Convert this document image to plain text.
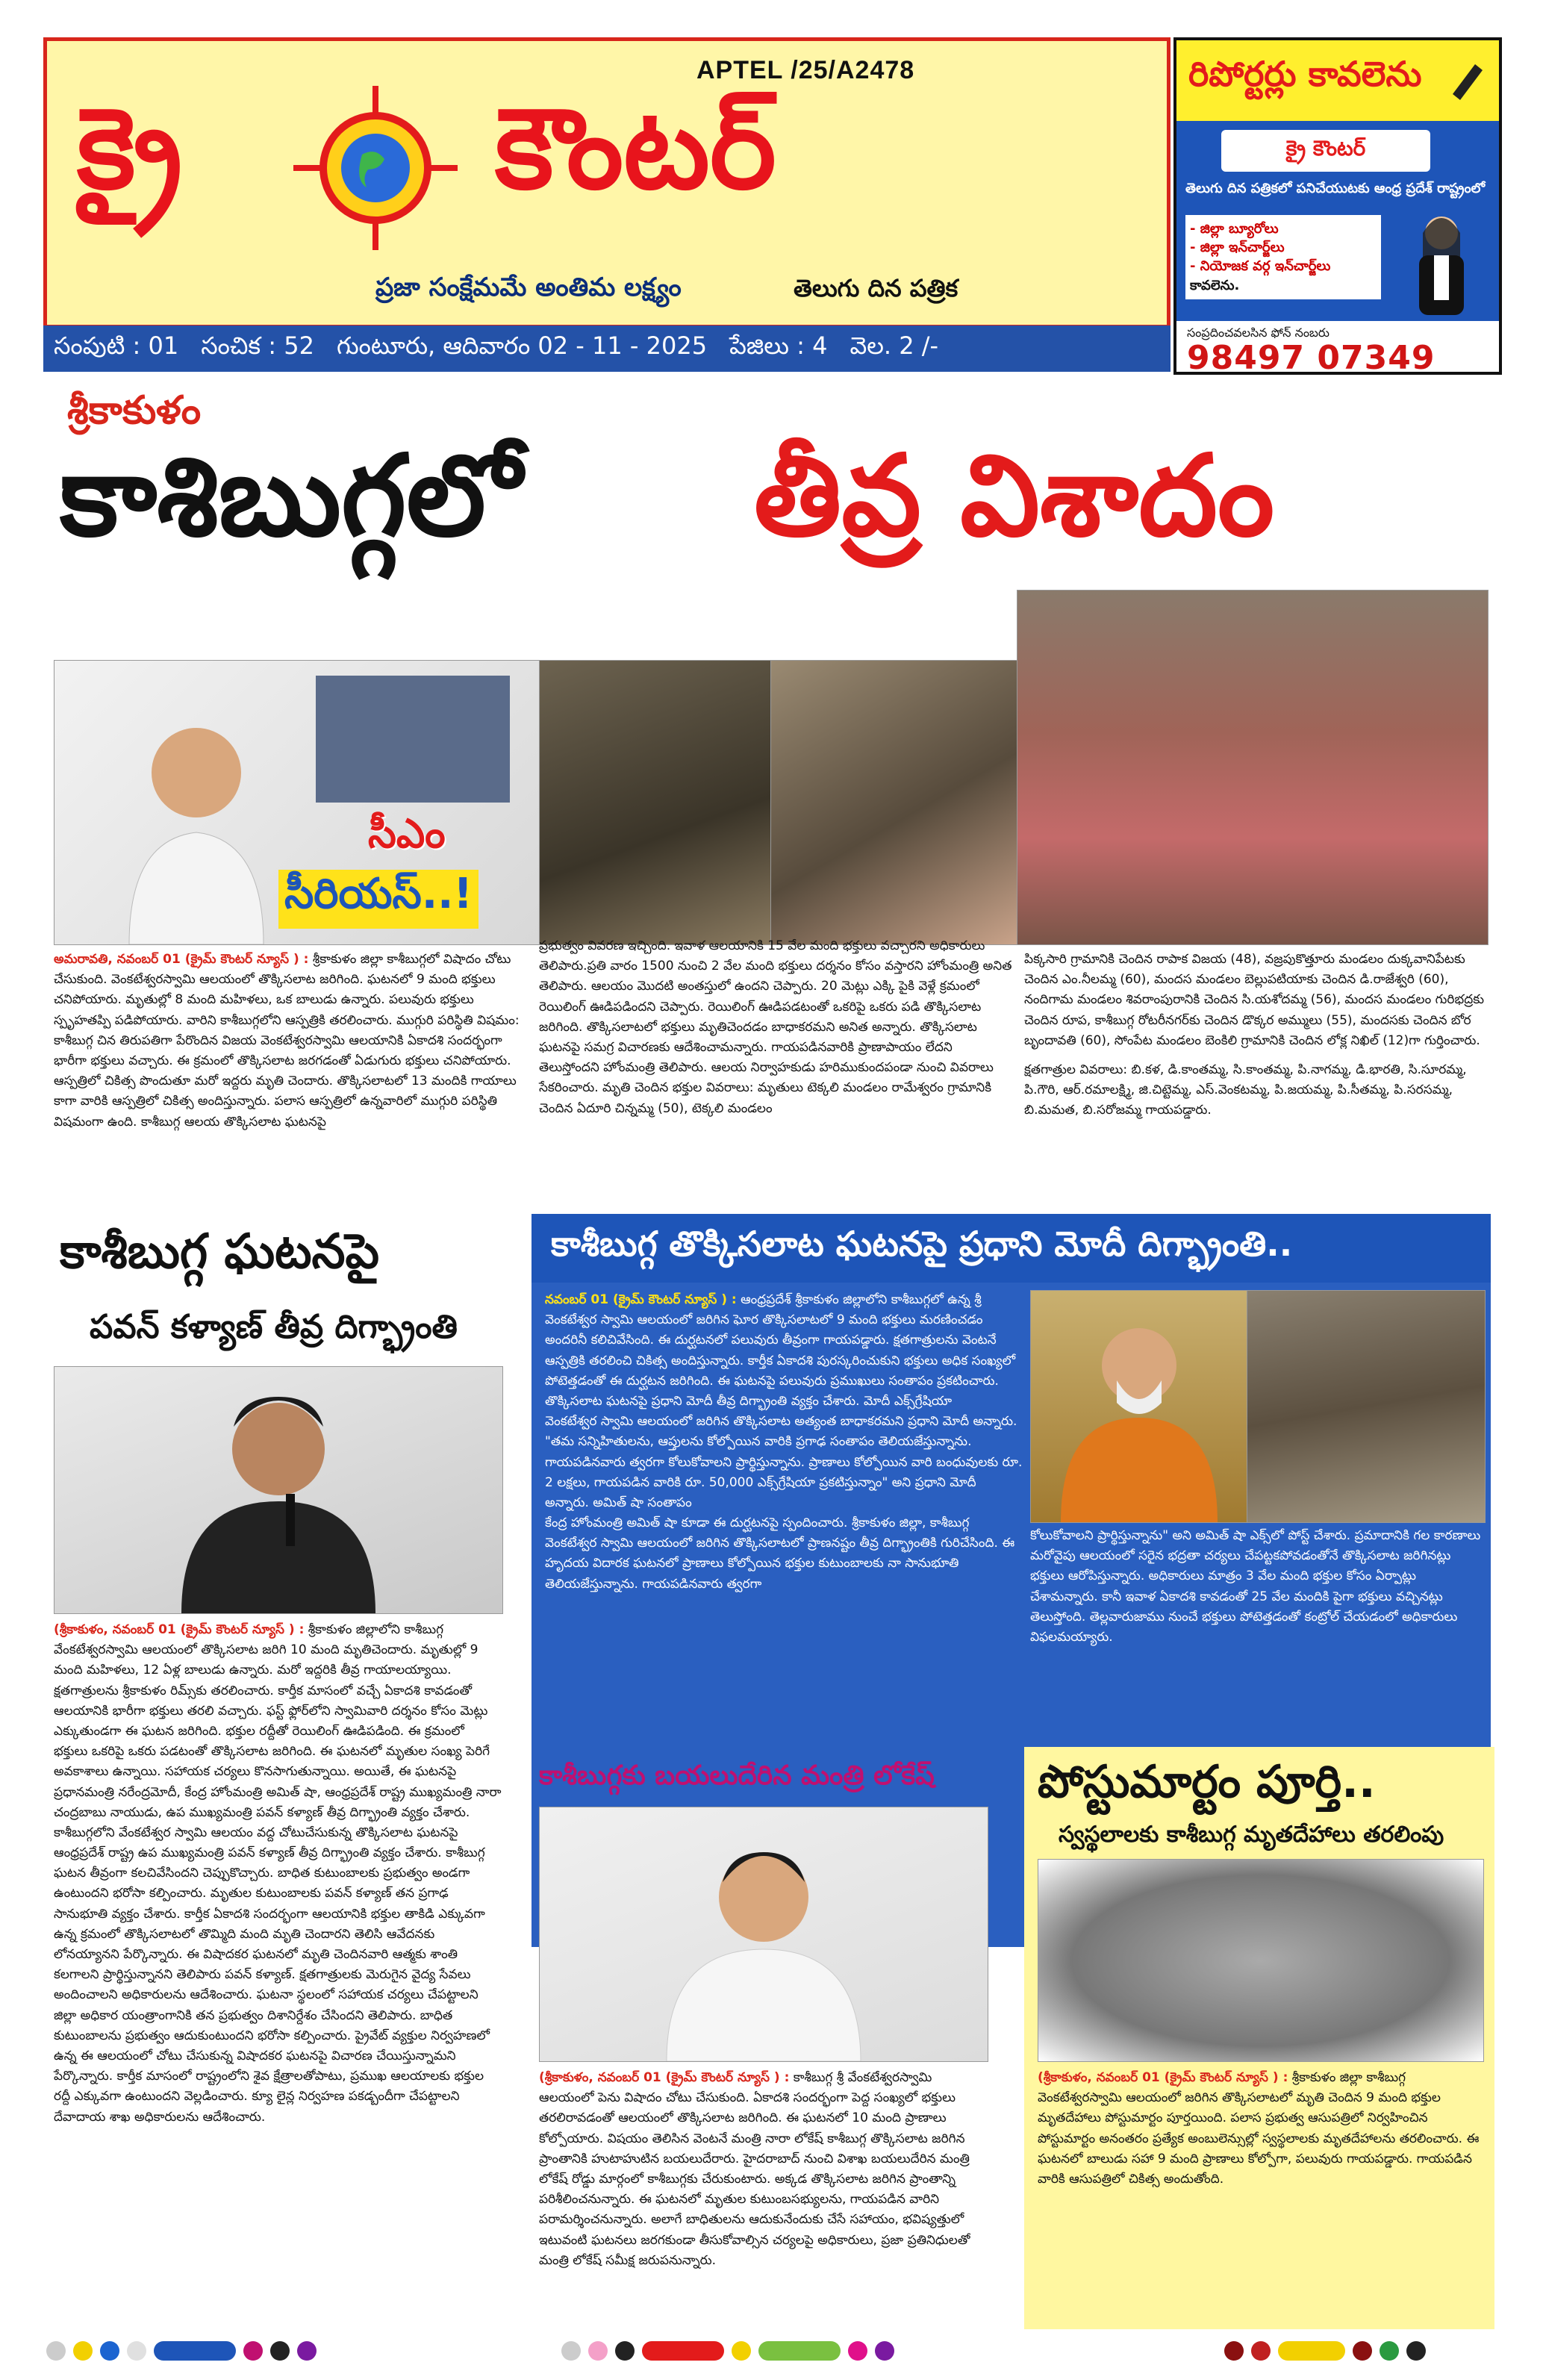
APTEL /25/A2478
క్రై	కౌంటర్
ప్రజా సంక్షేమమే అంతిమ లక్ష్యం	తెలుగు దిన పత్రిక
సంపుటి : 01 సంచిక : 52 గుంటూరు, ఆదివారం 02 - 11 - 2025 పేజిలు : 4 వెల. 2 /-
రిపోర్టర్లు కావలెను
క్రై కౌంటర్
తెలుగు దిన పత్రికలో పనిచేయుటకు ఆంధ్ర ప్రదేశ్ రాష్ట్రంలో
- జిల్లా బ్యూరోలు
- జిల్లా ఇన్‌చార్జ్‌లు
- నియోజక వర్గ ఇన్‌చార్జ్‌లు
కావలెను.
సంప్రదించవలసిన ఫోన్ నంబరు
98497 07349
శ్రీకాకుళం
కాశిబుగ్గలో తీవ్ర విశాదం
సీఎం
సీరియస్..!
అమరావతి, నవంబర్ 01 (క్రైమ్ కౌంటర్ న్యూస్ ) : శ్రీకాకుళం జిల్లా కాశీబుగ్గలో విషాదం చోటు చేసుకుంది. వెంకటేశ్వరస్వామి ఆలయంలో తొక్కిసలాట జరిగింది. ఘటనలో 9 మంది భక్తులు చనిపోయారు. మృతుల్లో 8 మంది మహిళలు, ఒక బాలుడు ఉన్నారు. పలువురు భక్తులు స్పృహతప్పి పడిపోయారు. వారిని కాశీబుగ్గలోని ఆస్పత్రికి తరలించారు. ముగ్గురి పరిస్థితి విషమం: కాశీబుగ్గ చిన తిరుపతిగా పేరొందిన విజయ వెంకటేశ్వరస్వామి ఆలయానికి ఏకాదశి సందర్భంగా భారీగా భక్తులు వచ్చారు. ఈ క్రమంలో తొక్కిసలాట జరగడంతో ఏడుగురు భక్తులు చనిపోయారు. ఆస్పత్రిలో చికిత్స పొందుతూ మరో ఇద్దరు మృతి చెందారు. తొక్కిసలాటలో 13 మందికి గాయాలు కాగా వారికి ఆస్పత్రిలో చికిత్స అందిస్తున్నారు. పలాస ఆస్పత్రిలో ఉన్నవారిలో ముగ్గురి పరిస్థితి విషమంగా ఉంది. కాశీబుగ్గ ఆలయ తొక్కిసలాట ఘటనపై
ప్రభుత్వం వివరణ ఇచ్చింది. ఇవాళ ఆలయానికి 15 వేల మంది భక్తులు వచ్చారని అధికారులు తెలిపారు.ప్రతి వారం 1500 నుంచి 2 వేల మంది భక్తులు దర్శనం కోసం వస్తారని హోంమంత్రి అనిత తెలిపారు. ఆలయం మొదటి అంతస్తులో ఉందని చెప్పారు. 20 మెట్లు ఎక్కి పైకి వెళ్లే క్రమంలో రెయిలింగ్ ఊడిపడిందని చెప్పారు. రెయిలింగ్ ఊడిపడటంతో ఒకరిపై ఒకరు పడి తొక్కిసలాట జరిగింది. తొక్కిసలాటలో భక్తులు మృతిచెందడం బాధాకరమని అనిత అన్నారు. తొక్కిసలాట ఘటనపై సమగ్ర విచారణకు ఆదేశించామన్నారు. గాయపడినవారికి ప్రాణాపాయం లేదని తెలుస్తోందని హోంమంత్రి తెలిపారు. ఆలయ నిర్వాహకుడు హరిముకుందపండా నుంచి వివరాలు సేకరించారు. మృతి చెందిన భక్తుల వివరాలు: మృతులు టెక్కలి మండలం రామేశ్వరం గ్రామానికి చెందిన ఏదూరి చిన్నమ్మ (50), టెక్కలి మండలం
పిక్కసారి గ్రామానికి చెందిన రాపాక విజయ (48), వజ్రపుకొత్తూరు మండలం దుక్కవానిపేటకు చెందిన ఎం.నీలమ్మ (60), మందస మండలం బెల్లుపటియాకు చెందిన డి.రాజేశ్వరి (60), నందిగామ మండలం శివరాంపురానికి చెందిన సి.యశోదమ్మ (56), మందస మండలం గురిభద్రకు చెందిన రూప, కాశీబుగ్గ రోటరీనగర్‌కు చెందిన డొక్కర అమ్ములు (55), మందసకు చెందిన బోర బృందావతి (60), సోంపేట మండలం బెంకిలి గ్రామానికి చెందిన లోక్ల నిఖిల్ (12)గా గుర్తించారు.
క్షతగాత్రుల వివరాలు: బి.కళ, డి.కాంతమ్మ, సి.కాంతమ్మ, పి.నాగమ్మ, డి.భారతి, సి.సూరమ్మ, పి.గౌరి, ఆర్.రమాలక్ష్మి, జి.చిట్టెమ్మ, ఎస్.వెంకటమ్మ, పి.జయమ్మ, పి.సీతమ్మ, పి.సరసమ్మ, బి.మమత, బి.సరోజమ్మ గాయపడ్డారు.
కాశీబుగ్గ ఘటనపై
పవన్ కళ్యాణ్ తీవ్ర దిగ్భ్రాంతి
(శ్రీకాకుళం, నవంబర్ 01 (క్రైమ్ కౌంటర్ న్యూస్ ) : శ్రీకాకుళం జిల్లాలోని కాశీబుగ్గ వేంకటేశ్వరస్వామి ఆలయంలో తొక్కిసలాట జరిగి 10 మంది మృతిచెందారు. మృతుల్లో 9 మంది మహిళలు, 12 ఏళ్ల బాలుడు ఉన్నారు. మరో ఇద్దరికి తీవ్ర గాయాలయ్యాయి. క్షతగాత్రులను శ్రీకాకుళం రిమ్స్‌కు తరలించారు. కార్తీక మాసంలో వచ్చే ఏకాదశి కావడంతో ఆలయానికి భారీగా భక్తులు తరలి వచ్చారు. ఫస్ట్ ఫ్లోర్‌లోని స్వామివారి దర్శనం కోసం మెట్లు ఎక్కుతుండగా ఈ ఘటన జరిగింది. భక్తుల రద్దీతో రెయిలింగ్ ఊడిపడింది. ఈ క్రమంలో భక్తులు ఒకరిపై ఒకరు పడటంతో తొక్కిసలాట జరిగింది. ఈ ఘటనలో మృతుల సంఖ్య పెరిగే అవకాశాలు ఉన్నాయి. సహాయక చర్యలు కొనసాగుతున్నాయి. అయితే, ఈ ఘటనపై ప్రధానమంత్రి నరేంద్రమోదీ, కేంద్ర హోంమంత్రి అమిత్ షా, ఆంధ్రప్రదేశ్ రాష్ట్ర ముఖ్యమంత్రి నారా చంద్రబాబు నాయుడు, ఉప ముఖ్యమంత్రి పవన్ కళ్యాణ్ తీవ్ర దిగ్భ్రాంతి వ్యక్తం చేశారు. కాశీబుగ్గలోని వేంకటేశ్వర స్వామి ఆలయం వద్ద చోటుచేసుకున్న తొక్కిసలాట ఘటనపై ఆంధ్రప్రదేశ్ రాష్ట్ర ఉప ముఖ్యమంత్రి పవన్ కళ్యాణ్ తీవ్ర దిగ్భ్రాంతి వ్యక్తం చేశారు. కాశీబుగ్గ ఘటన తీవ్రంగా కలచివేసిందని చెప్పుకొచ్చారు. బాధిత కుటుంబాలకు ప్రభుత్వం అండగా ఉంటుందని భరోసా కల్పించారు. మృతుల కుటుంబాలకు పవన్ కళ్యాణ్ తన ప్రగాఢ సానుభూతి వ్యక్తం చేశారు. కార్తీక ఏకాదశి సందర్భంగా ఆలయానికి భక్తుల తాకిడి ఎక్కువగా ఉన్న క్రమంలో తొక్కిసలాటలో తొమ్మిది మంది మృతి చెందారని తెలిసి ఆవేదనకు లోనయ్యానని పేర్కొన్నారు. ఈ విషాదకర ఘటనలో మృతి చెందినవారి ఆత్మకు శాంతి కలగాలని ప్రార్థిస్తున్నానని తెలిపారు పవన్ కళ్యాణ్. క్షతగాత్రులకు మెరుగైన వైద్య సేవలు అందించాలని అధికారులను ఆదేశించారు. ఘటనా స్థలంలో సహాయక చర్యలు చేపట్టాలని జిల్లా అధికార యంత్రాంగానికి తన ప్రభుత్వం దిశానిర్దేశం చేసిందని తెలిపారు. బాధిత కుటుంబాలను ప్రభుత్వం ఆదుకుంటుందని భరోసా కల్పించారు. ప్రైవేట్ వ్యక్తుల నిర్వహణలో ఉన్న ఈ ఆలయంలో చోటు చేసుకున్న విషాదకర ఘటనపై విచారణ చేయిస్తున్నామని పేర్కొన్నారు. కార్తీక మాసంలో రాష్ట్రంలోని శైవ క్షేత్రాలతోపాటు, ప్రముఖ ఆలయాలకు భక్తుల రద్దీ ఎక్కువగా ఉంటుందని వెల్లడించారు. క్యూ లైన్ల నిర్వహణ పకడ్బందీగా చేపట్టాలని దేవాదాయ శాఖ అధికారులను ఆదేశించారు.
కాశీబుగ్గ తొక్కిసలాట ఘటనపై ప్రధాని మోదీ దిగ్భ్రాంతి..
నవంబర్ 01 (క్రైమ్ కౌంటర్ న్యూస్ ) : ఆంధ్రప్రదేశ్ శ్రీకాకుళం జిల్లాలోని కాశీబుగ్గలో ఉన్న శ్రీ వెంకటేశ్వర స్వామి ఆలయంలో జరిగిన ఘోర తొక్కిసలాటలో 9 మంది భక్తులు మరణించడం అందరినీ కలిచివేసింది. ఈ దుర్ఘటనలో పలువురు తీవ్రంగా గాయపడ్డారు. క్షతగాత్రులను వెంటనే ఆస్పత్రికి తరలించి చికిత్స అందిస్తున్నారు. కార్తీక ఏకాదశి పురస్కరించుకుని భక్తులు అధిక సంఖ్యలో పోటెత్తడంతో ఈ దుర్ఘటన జరిగింది. ఈ ఘటనపై పలువురు ప్రముఖులు సంతాపం ప్రకటించారు. తొక్కిసలాట ఘటనపై ప్రధాని మోదీ తీవ్ర దిగ్భ్రాంతి వ్యక్తం చేశారు. మోదీ ఎక్స్‌గ్రేషియా
వెంకటేశ్వర స్వామి ఆలయంలో జరిగిన తొక్కిసలాట అత్యంత బాధాకరమని ప్రధాని మోదీ అన్నారు. "తమ సన్నిహితులను, ఆప్తులను కోల్పోయిన వారికి ప్రగాఢ సంతాపం తెలియజేస్తున్నాను. గాయపడినవారు త్వరగా కోలుకోవాలని ప్రార్థిస్తున్నాను. ప్రాణాలు కోల్పోయిన వారి బంధువులకు రూ. 2 లక్షలు, గాయపడిన వారికి రూ. 50,000 ఎక్స్‌గ్రేషియా ప్రకటిస్తున్నాం" అని ప్రధాని మోదీ అన్నారు. అమిత్ షా సంతాపం
కేంద్ర హోంమంత్రి అమిత్ షా కూడా ఈ దుర్ఘటనపై స్పందించారు. శ్రీకాకుళం జిల్లా, కాశీబుగ్గ వెంకటేశ్వర స్వామి ఆలయంలో జరిగిన తొక్కిసలాటలో ప్రాణనష్టం తీవ్ర దిగ్భ్రాంతికి గురిచేసింది. ఈ హృదయ విదారక ఘటనలో ప్రాణాలు కోల్పోయిన భక్తుల కుటుంబాలకు నా సానుభూతి తెలియజేస్తున్నాను. గాయపడినవారు త్వరగా
కోలుకోవాలని ప్రార్థిస్తున్నాను" అని అమిత్ షా ఎక్స్‌లో పోస్ట్ చేశారు. ప్రమాదానికి గల కారణాలు మరోవైపు ఆలయంలో సరైన భద్రతా చర్యలు చేపట్టకపోవడంతోనే తొక్కిసలాట జరిగినట్లు భక్తులు ఆరోపిస్తున్నారు. అధికారులు మాత్రం 3 వేల మంది భక్తుల కోసం ఏర్పాట్లు చేశామన్నారు. కానీ ఇవాళ ఏకాదశి కావడంతో 25 వేల మందికి పైగా భక్తులు వచ్చినట్లు తెలుస్తోంది. తెల్లవారుజాము నుంచే భక్తులు పోటెత్తడంతో కంట్రోల్ చేయడంలో అధికారులు విఫలమయ్యారు.
కాశీబుగ్గకు బయలుదేరిన మంత్రి లోకేష్
(శ్రీకాకుళం, నవంబర్ 01 (క్రైమ్ కౌంటర్ న్యూస్ ) : కాశీబుగ్గ శ్రీ వేంకటేశ్వరస్వామి ఆలయంలో పెను విషాదం చోటు చేసుకుంది. ఏకాదశి సందర్భంగా పెద్ద సంఖ్యలో భక్తులు తరలిరావడంతో ఆలయంలో తొక్కిసలాట జరిగింది. ఈ ఘటనలో 10 మంది ప్రాణాలు కోల్పోయారు. విషయం తెలిసిన వెంటనే మంత్రి నారా లోకేష్ కాశీబుగ్గ తొక్కిసలాట జరిగిన ప్రాంతానికి హుటాహుటిన బయలుదేరారు. హైదరాబాద్ నుంచి విశాఖ బయలుదేరిన మంత్రి లోకేష్ రోడ్డు మార్గంలో కాశీబుగ్గకు చేరుకుంటారు. అక్కడ తొక్కిసలాట జరిగిన ప్రాంతాన్ని పరిశీలించనున్నారు. ఈ ఘటనలో మృతుల కుటుంబసభ్యులను, గాయపడిన వారిని పరామర్శించనున్నారు. అలాగే బాధితులను ఆదుకునేందుకు చేసే సహాయం, భవిష్యత్తులో ఇటువంటి ఘటనలు జరగకుండా తీసుకోవాల్సిన చర్యలపై అధికారులు, ప్రజా ప్రతినిధులతో మంత్రి లోకేష్ సమీక్ష జరుపనున్నారు.
పోస్టుమార్టం పూర్తి..
స్వస్థలాలకు కాశీబుగ్గ మృతదేహాలు తరలింపు
(శ్రీకాకుళం, నవంబర్ 01 (క్రైమ్ కౌంటర్ న్యూస్ ) : శ్రీకాకుళం జిల్లా కాశీబుగ్గ వెంకటేశ్వరస్వామి ఆలయంలో జరిగిన తొక్కిసలాటలో మృతి చెందిన 9 మంది భక్తుల మృతదేహాలు పోస్టుమార్టం పూర్తయింది. పలాస ప్రభుత్వ ఆసుపత్రిలో నిర్వహించిన పోస్టుమార్టం అనంతరం ప్రత్యేక అంబులెన్సుల్లో స్వస్థలాలకు మృతదేహాలను తరలించారు. ఈ ఘటనలో బాలుడు సహా 9 మంది ప్రాణాలు కోల్పోగా, పలువురు గాయపడ్డారు. గాయపడిన వారికి ఆసుపత్రిలో చికిత్స అందుతోంది.
